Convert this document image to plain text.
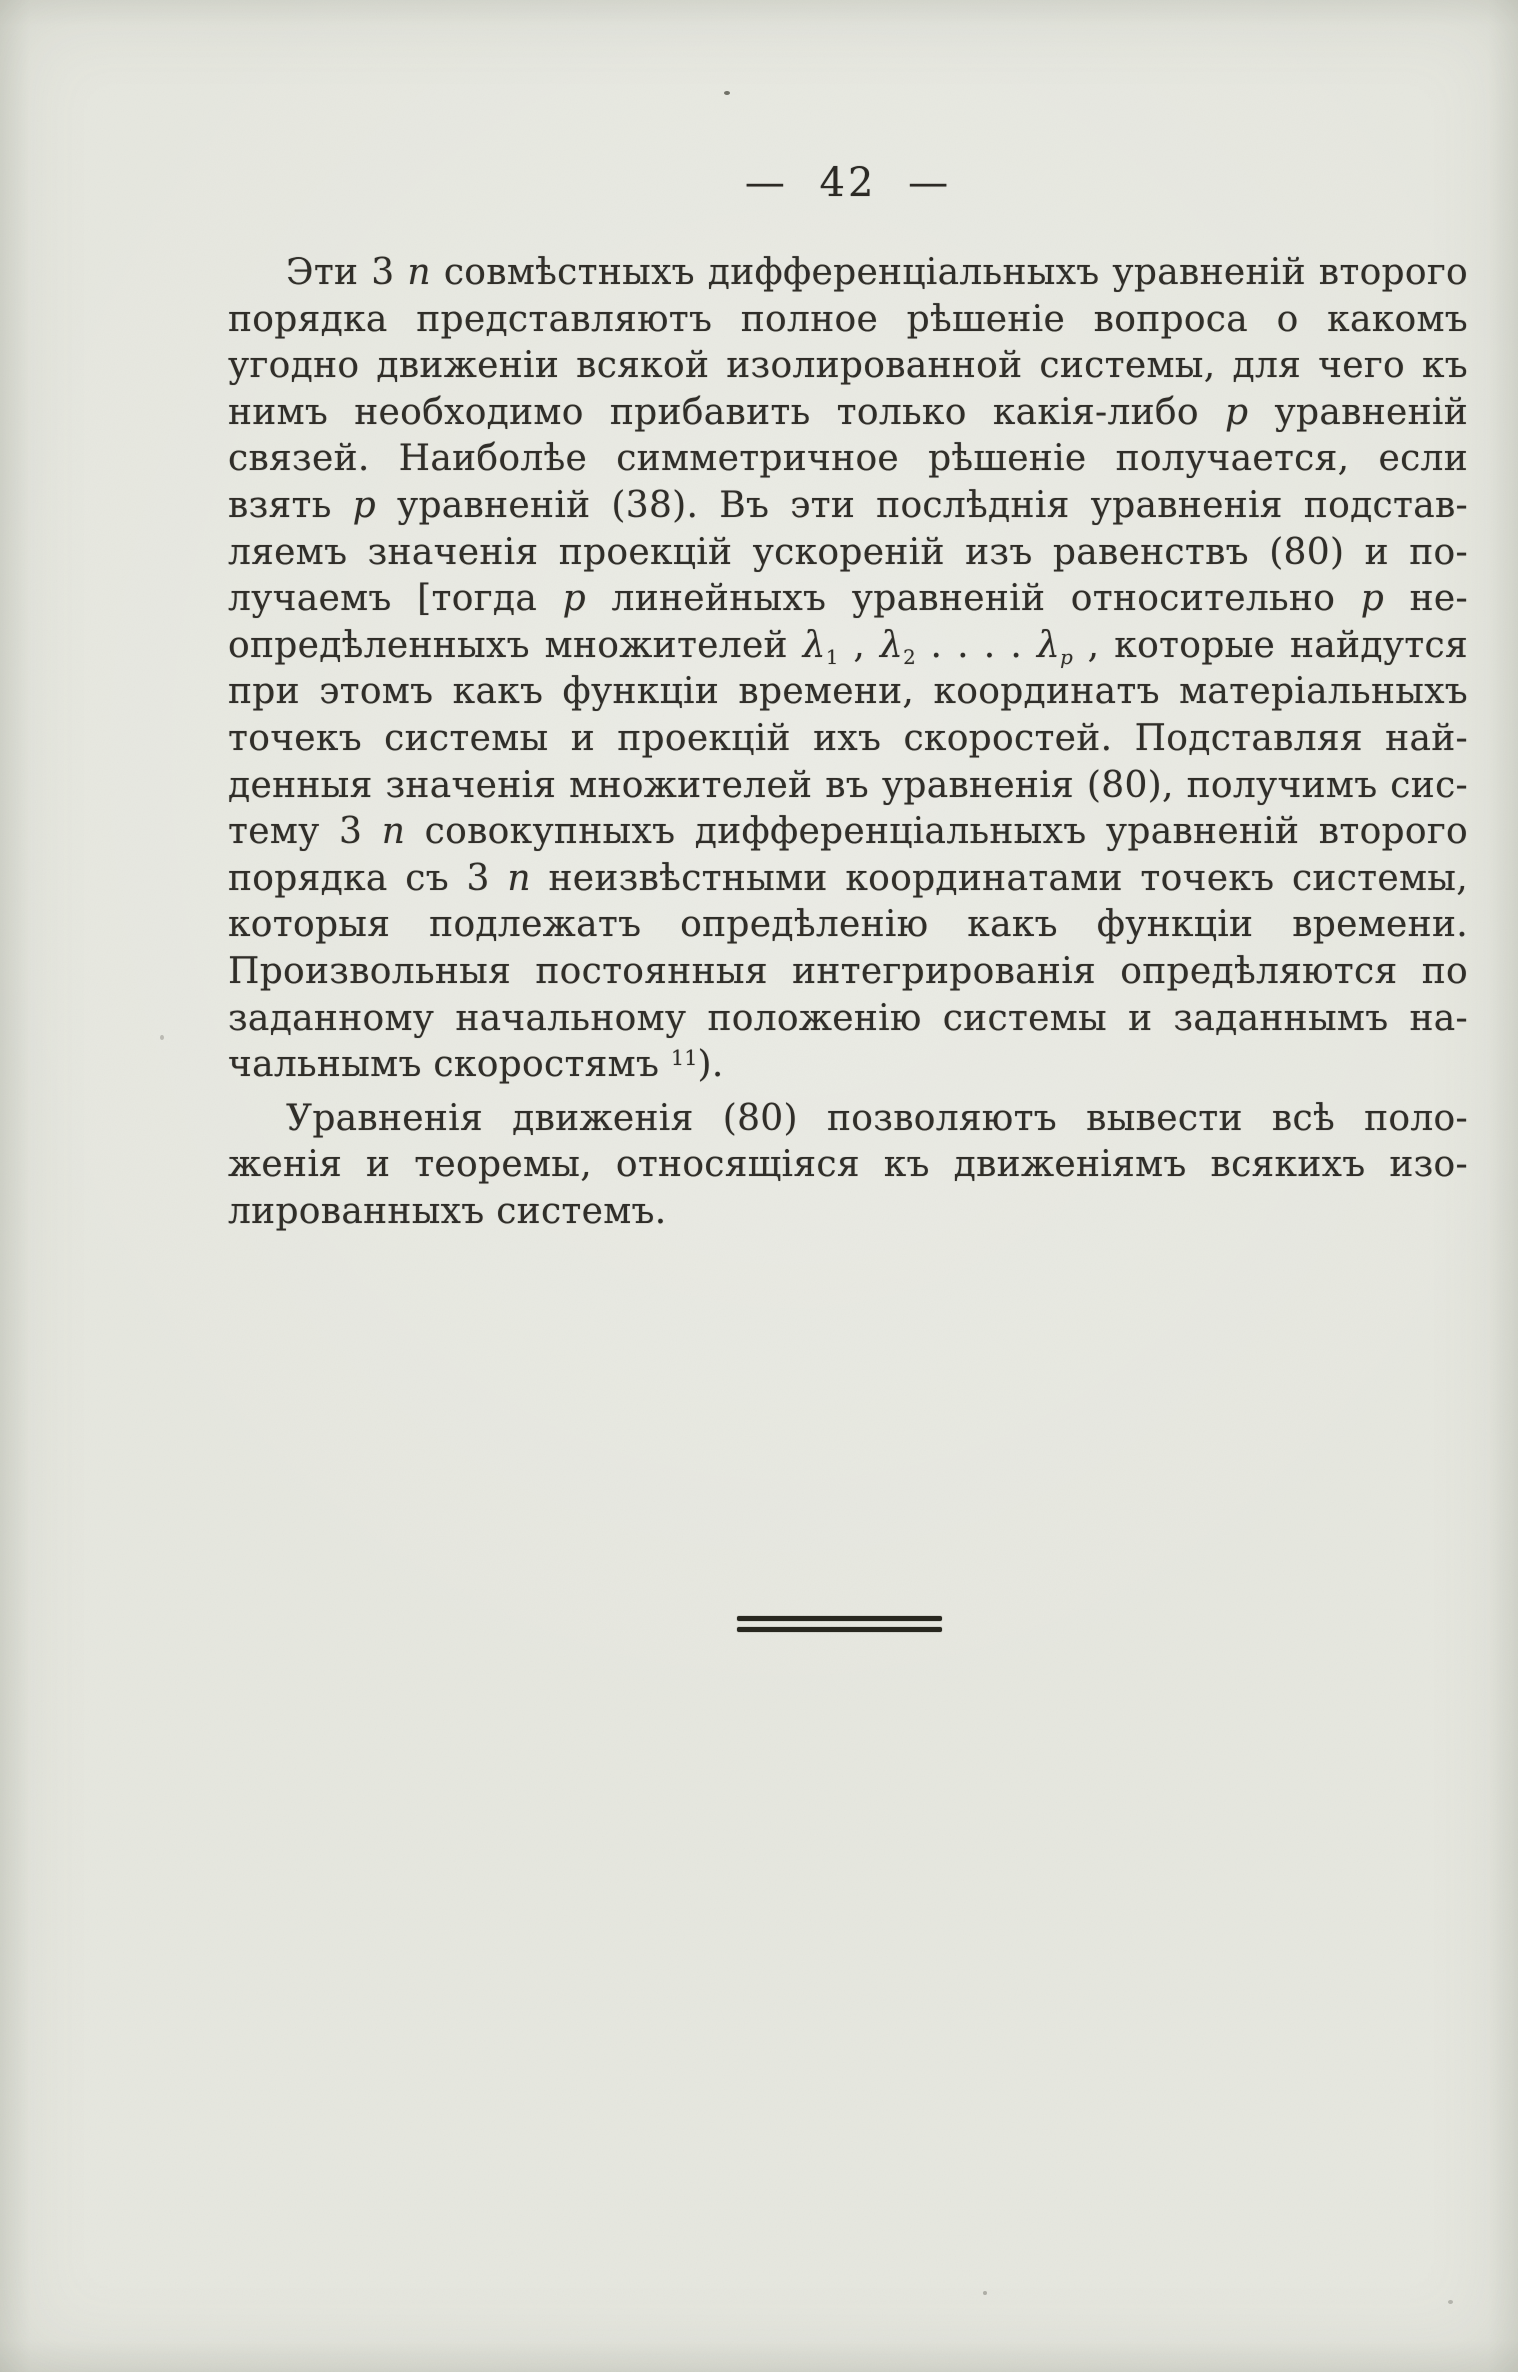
— 42 —
Эти 3 n совмѣстныхъ дифференціальныхъ уравненій второго
порядка представляютъ полное рѣшеніе вопроса о какомъ
угодно движеніи всякой изолированной системы, для чего къ
нимъ необходимо прибавить только какія-либо p уравненій
связей. Наиболѣе симметричное рѣшеніе получается, если
взять p уравненій (38). Въ эти послѣднія уравненія подстав-
ляемъ значенія проекцій ускореній изъ равенствъ (80) и по-
лучаемъ [тогда p линейныхъ уравненій относительно p не-
опредѣленныхъ множителей λ1 , λ2 . . . . λp , которые найдутся
при этомъ какъ функціи времени, координатъ матеріальныхъ
точекъ системы и проекцій ихъ скоростей. Подставляя най-
денныя значенія множителей въ уравненія (80), получимъ сис-
тему 3 n совокупныхъ дифференціальныхъ уравненій второго
порядка съ 3 n неизвѣстными координатами точекъ системы,
которыя подлежатъ опредѣленію какъ функціи времени.
Произвольныя постоянныя интегрированія опредѣляются по
заданному начальному положенію системы и заданнымъ на-
чальнымъ скоростямъ $^{11}$).
Уравненія движенія (80) позволяютъ вывести всѣ поло-
женія и теоремы, относящіяся къ движеніямъ всякихъ изо-
лированныхъ системъ.
